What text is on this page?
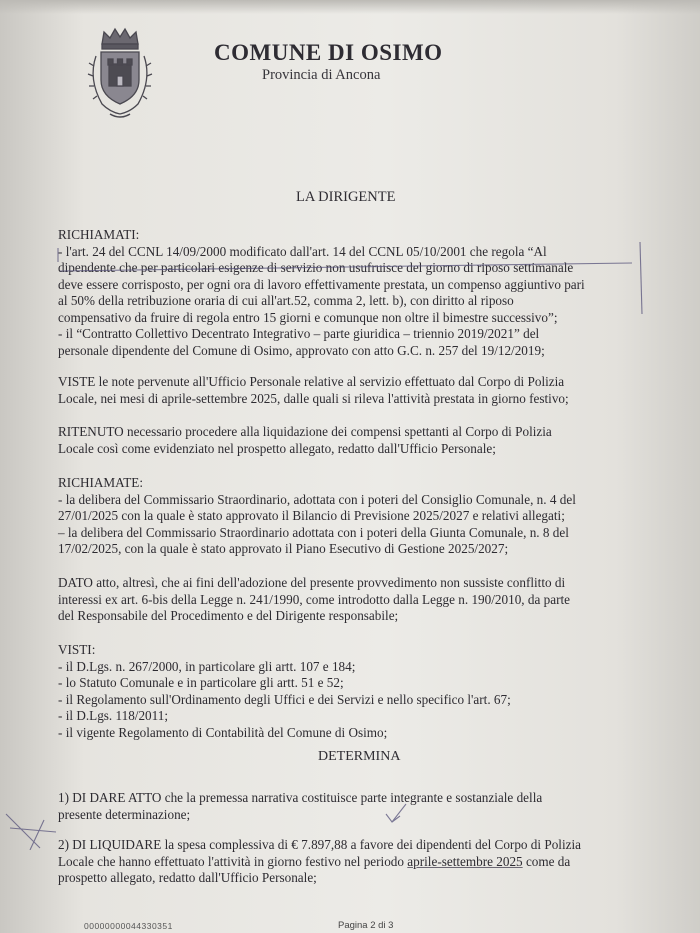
COMUNE DI OSIMO
Provincia di Ancona
LA DIRIGENTE
RICHIAMATI:
- l'art. 24 del CCNL 14/09/2000 modificato dall'art. 14 del CCNL 05/10/2001 che regola “Al
dipendente che per particolari esigenze di servizio non usufruisce del giorno di riposo settimanale
deve essere corrisposto, per ogni ora di lavoro effettivamente prestata, un compenso aggiuntivo pari
al 50% della retribuzione oraria di cui all'art.52, comma 2, lett. b), con diritto al riposo
compensativo da fruire di regola entro 15 giorni e comunque non oltre il bimestre successivo”;
- il “Contratto Collettivo Decentrato Integrativo – parte giuridica – triennio 2019/2021” del
personale dipendente del Comune di Osimo, approvato con atto G.C. n. 257 del 19/12/2019;
VISTE le note pervenute all'Ufficio Personale relative al servizio effettuato dal Corpo di Polizia
Locale, nei mesi di aprile-settembre 2025, dalle quali si rileva l'attività prestata in giorno festivo;
RITENUTO necessario procedere alla liquidazione dei compensi spettanti al Corpo di Polizia
Locale così come evidenziato nel prospetto allegato, redatto dall'Ufficio Personale;
RICHIAMATE:
- la delibera del Commissario Straordinario, adottata con i poteri del Consiglio Comunale, n. 4 del
27/01/2025 con la quale è stato approvato il Bilancio di Previsione 2025/2027 e relativi allegati;
– la delibera del Commissario Straordinario adottata con i poteri della Giunta Comunale, n. 8 del
17/02/2025, con la quale è stato approvato il Piano Esecutivo di Gestione 2025/2027;
DATO atto, altresì, che ai fini dell'adozione del presente provvedimento non sussiste conflitto di
interessi ex art. 6-bis della Legge n. 241/1990, come introdotto dalla Legge n. 190/2010, da parte
del Responsabile del Procedimento e del Dirigente responsabile;
VISTI:
- il D.Lgs. n. 267/2000, in particolare gli artt. 107 e 184;
- lo Statuto Comunale e in particolare gli artt. 51 e 52;
- il Regolamento sull'Ordinamento degli Uffici e dei Servizi e nello specifico l'art. 67;
- il D.Lgs. 118/2011;
- il vigente Regolamento di Contabilità del Comune di Osimo;
DETERMINA
1) DI DARE ATTO che la premessa narrativa costituisce parte integrante e sostanziale della
presente determinazione;
2) DI LIQUIDARE la spesa complessiva di € 7.897,88 a favore dei dipendenti del Corpo di Polizia
Locale che hanno effettuato l'attività in giorno festivo nel periodo aprile-settembre 2025 come da
prospetto allegato, redatto dall'Ufficio Personale;
00000000044330351	Pagina 2 di 3
